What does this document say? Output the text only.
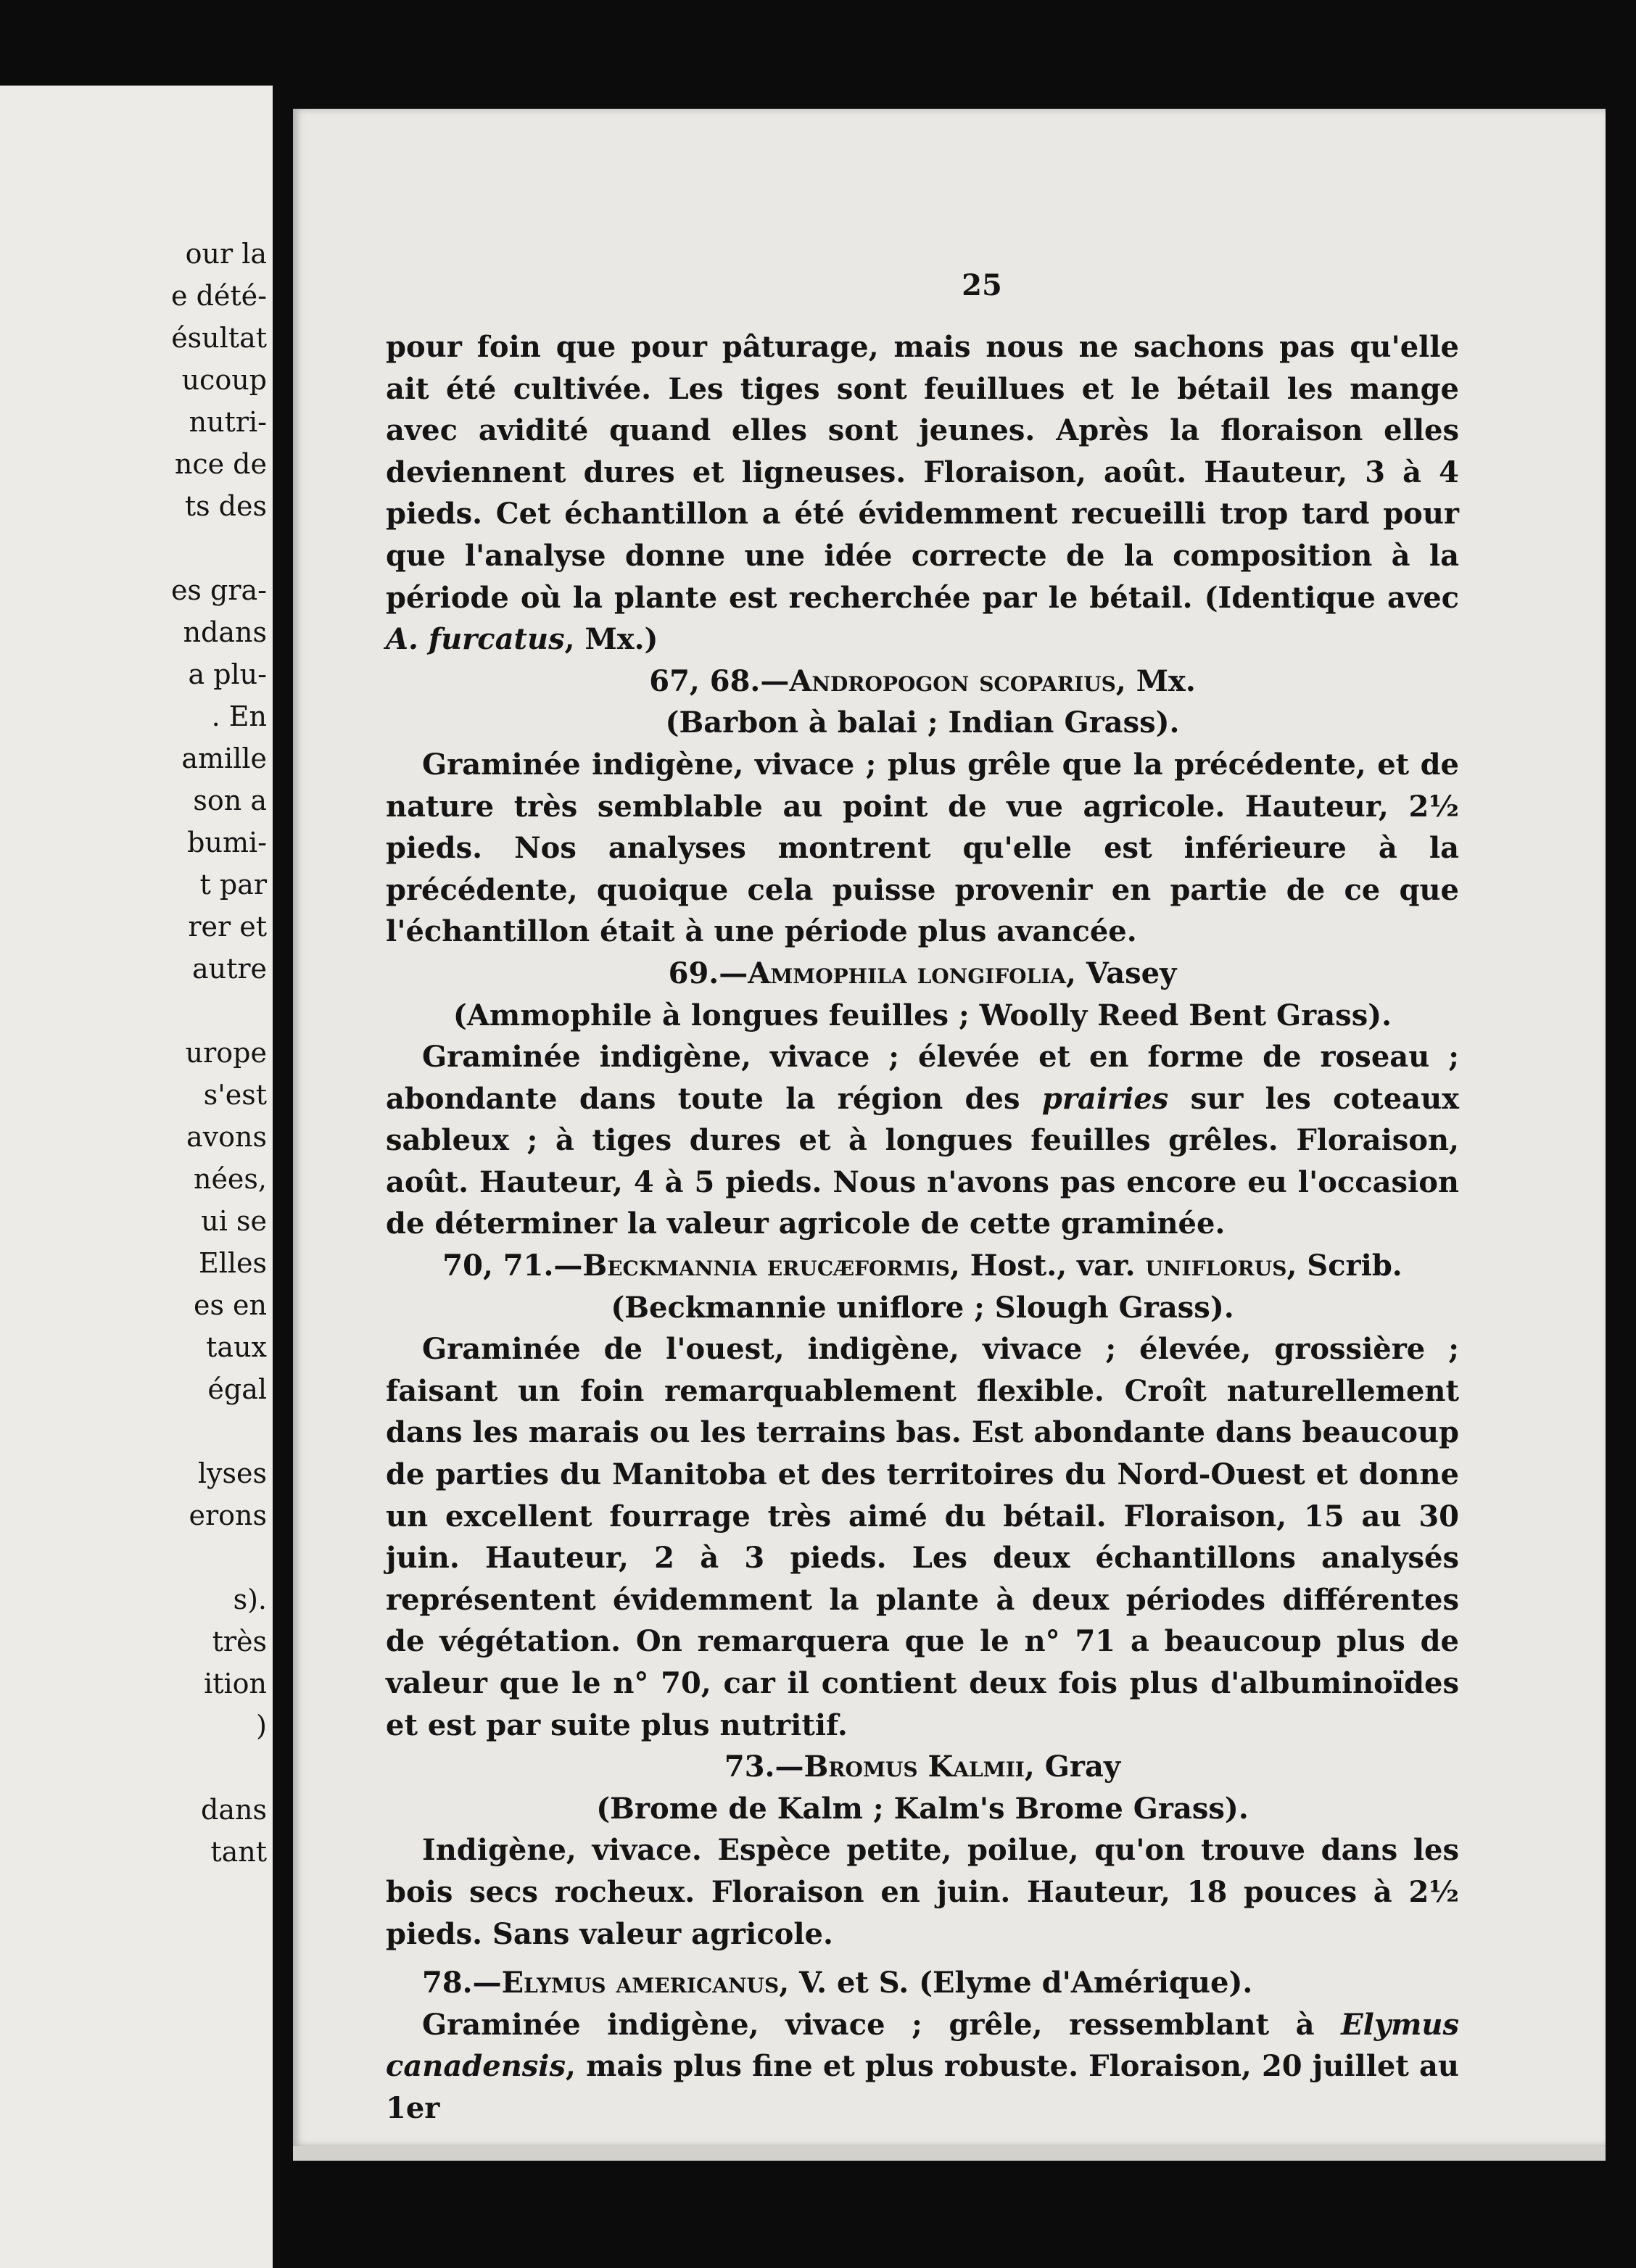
our la
e dété-
ésultat
ucoup
nutri-
nce de
ts des
es gra-
ndans
a plu-
. En
amille
son a
bumi-
t par
rer et
autre
urope
s'est
avons
nées,
ui se
Elles
es en
taux
égal
lyses
erons
s).
très
ition
)
dans
tant
25

pour foin que pour pâturage, mais nous ne sachons pas qu'elle ait été cultivée. Les tiges sont feuillues et le bétail les mange avec avidité quand elles sont jeunes. Après la floraison elles deviennent dures et ligneuses. Floraison, août. Hauteur, 3 à 4 pieds. Cet échantillon a été évidemment recueilli trop tard pour que l'analyse donne une idée correcte de la composition à la période où la plante est recherchée par le bétail. (Identique avec A. furcatus, Mx.)

67, 68.—Andropogon scoparius, Mx.

(Barbon à balai ; Indian Grass).

Graminée indigène, vivace ; plus grêle que la précédente, et de nature très semblable au point de vue agricole. Hauteur, 2½ pieds. Nos analyses montrent qu'elle est inférieure à la précédente, quoique cela puisse provenir en partie de ce que l'échantillon était à une période plus avancée.

69.—Ammophila longifolia, Vasey

(Ammophile à longues feuilles ; Woolly Reed Bent Grass).

Graminée indigène, vivace ; élevée et en forme de roseau ; abondante dans toute la région des prairies sur les coteaux sableux ; à tiges dures et à longues feuilles grêles. Floraison, août. Hauteur, 4 à 5 pieds. Nous n'avons pas encore eu l'occasion de déterminer la valeur agricole de cette graminée.

70, 71.—Beckmannia erucæformis, Host., var. uniflorus, Scrib.

(Beckmannie uniflore ; Slough Grass).

Graminée de l'ouest, indigène, vivace ; élevée, grossière ; faisant un foin remarquablement flexible. Croît naturellement dans les marais ou les terrains bas. Est abondante dans beaucoup de parties du Manitoba et des territoires du Nord-Ouest et donne un excellent fourrage très aimé du bétail. Floraison, 15 au 30 juin. Hauteur, 2 à 3 pieds. Les deux échantillons analysés représentent évidemment la plante à deux périodes différentes de végétation. On remarquera que le n° 71 a beaucoup plus de valeur que le n° 70, car il contient deux fois plus d'albuminoïdes et est par suite plus nutritif.

73.—Bromus Kalmii, Gray

(Brome de Kalm ; Kalm's Brome Grass).

Indigène, vivace. Espèce petite, poilue, qu'on trouve dans les bois secs rocheux. Floraison en juin. Hauteur, 18 pouces à 2½ pieds. Sans valeur agricole.

78.—Elymus americanus, V. et S. (Elyme d'Amérique).

Graminée indigène, vivace ; grêle, ressemblant à Elymus canadensis, mais plus fine et plus robuste. Floraison, 20 juillet au 1er
